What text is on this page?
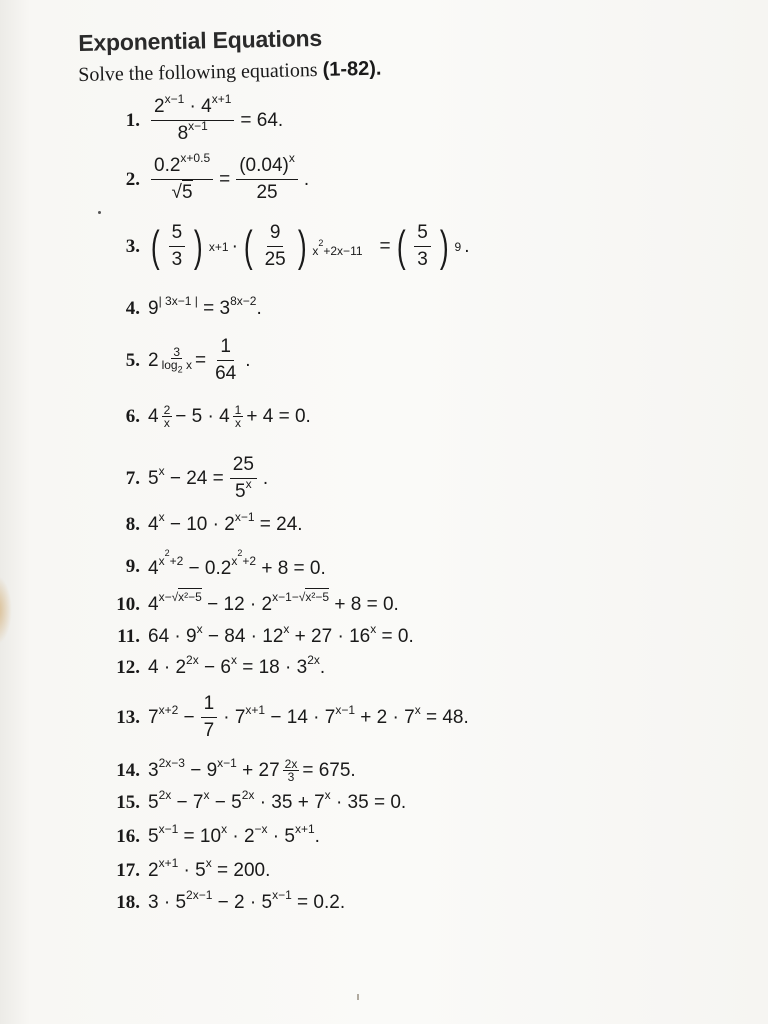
Exponential Equations
Solve the following equations (1-82).
1. $\frac{2^{x-1} \cdot 4^{x+1}}{8^{x-1}} = 64$.
2. $\frac{0.2^{x+0.5}}{√5} = \frac{(0.04)^x}{25}$ .
3. ( $\frac{5}{3}$ ) x+1 · ( $\frac{9}{25}$ ) $x^2+2x-11$ = ( $\frac{5}{3}$ ) 9 .
4. $9^{| 3x-1 |} = 3^{8x-2}$.
5. $2 \frac{3}{\log_2 x} = \frac{1}{64}$ .
6. 4 2
x − 5 · 4 1
x + 4 = 0.
7. $5^x - 24 = \frac{25}{5^x}$ .
8. $4^x - 10 \cdot 2^{x-1} = 24$.
9. $4^{x^2+2} - 0.2^{x^2+2} + 8 = 0$.
10. $4^{x-√x^2-5} - 12 \cdot 2^{x-1-√x^2-5} + 8 = 0$.
11. $64 \cdot 9^x - 84 \cdot 12^x + 27 \cdot 16^x = 0$.
12. $4 \cdot 2^{2x} - 6^x = 18 \cdot 3^{2x}$.
13. $7^{x+2} - \frac{1}{7} \cdot 7^{x+1} - 14 \cdot 7^{x-1} + 2 \cdot 7^x = 48$.
14. $3^{2x-3} - 9^{x-1} + 27 \frac{2x}{3} = 675$.
15. $5^{2x} - 7^x - 5^{2x} \cdot 35 + 7^x \cdot 35 = 0$.
16. $5^{x-1} = 10^x \cdot 2^{-x} \cdot 5^{x+1}$.
17. $2^{x+1} \cdot 5^x = 200$.
18. $3 \cdot 5^{2x-1} - 2 \cdot 5^{x-1} = 0.2$.
